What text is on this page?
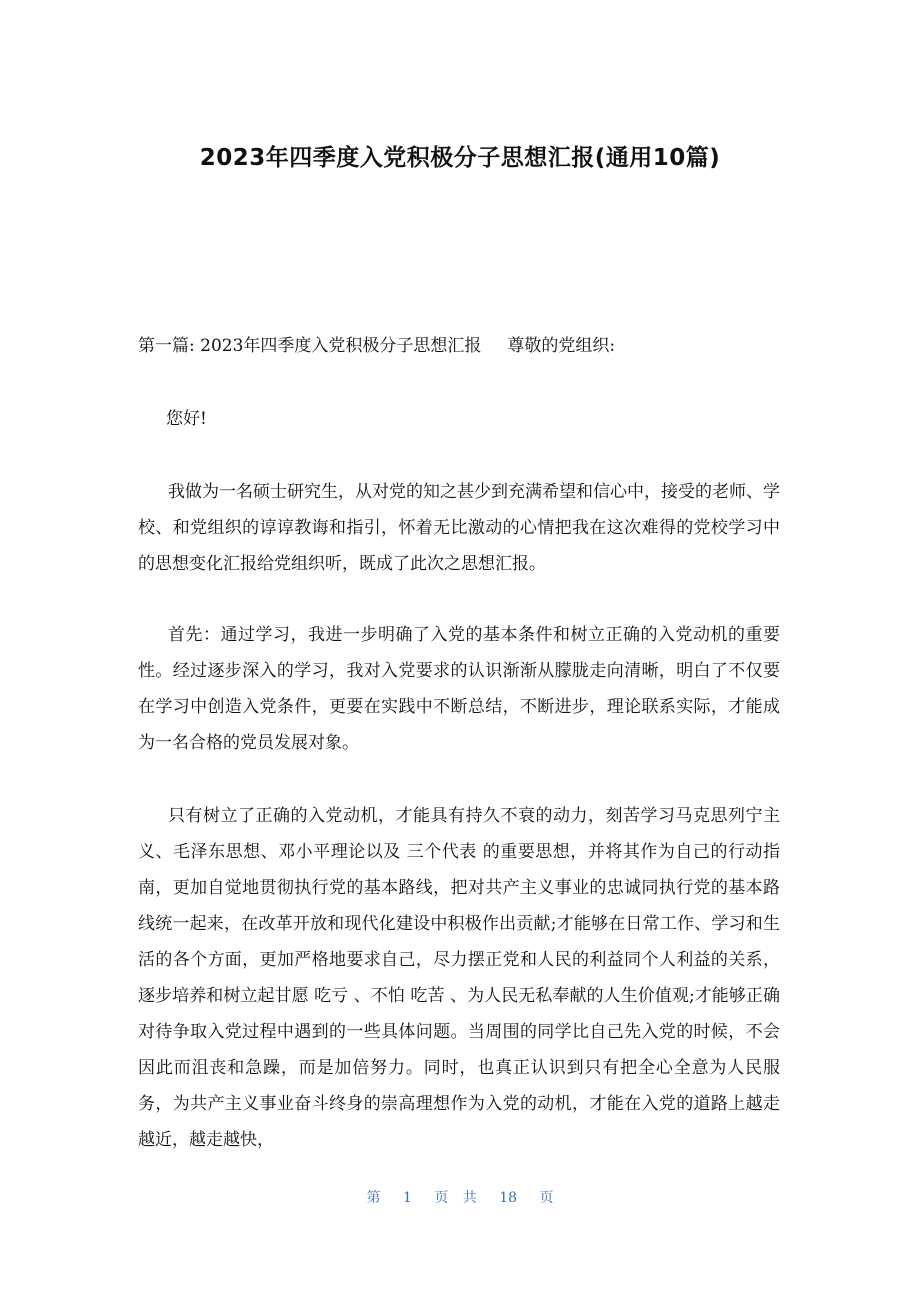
2023年四季度入党积极分子思想汇报(通用10篇)
第一篇: 2023年四季度入党积极分子思想汇报 尊敬的党组织:
您好!

我做为一名硕士研究生，从对党的知之甚少到充满希望和信心中，接受的老师、学校、和党组织的谆谆教诲和指引，怀着无比激动的心情把我在这次难得的党校学习中的思想变化汇报给党组织听，既成了此次之思想汇报。

首先：通过学习，我进一步明确了入党的基本条件和树立正确的入党动机的重要性。经过逐步深入的学习，我对入党要求的认识渐渐从朦胧走向清晰，明白了不仅要在学习中创造入党条件，更要在实践中不断总结，不断进步，理论联系实际，才能成为一名合格的党员发展对象。

只有树立了正确的入党动机，才能具有持久不衰的动力，刻苦学习马克思列宁主义、毛泽东思想、邓小平理论以及 三个代表 的重要思想，并将其作为自己的行动指南，更加自觉地贯彻执行党的基本路线，把对共产主义事业的忠诚同执行党的基本路线统一起来，在改革开放和现代化建设中积极作出贡献;才能够在日常工作、学习和生活的各个方面，更加严格地要求自己，尽力摆正党和人民的利益同个人利益的关系，逐步培养和树立起甘愿 吃亏 、不怕 吃苦 、为人民无私奉献的人生价值观;才能够正确对待争取入党过程中遇到的一些具体问题。当周围的同学比自己先入党的时候，不会因此而沮丧和急躁，而是加倍努力。同时，也真正认识到只有把全心全意为人民服务，为共产主义事业奋斗终身的崇高理想作为入党的动机，才能在入党的道路上越走越近，越走越快，

第 1 页 共 18 页
